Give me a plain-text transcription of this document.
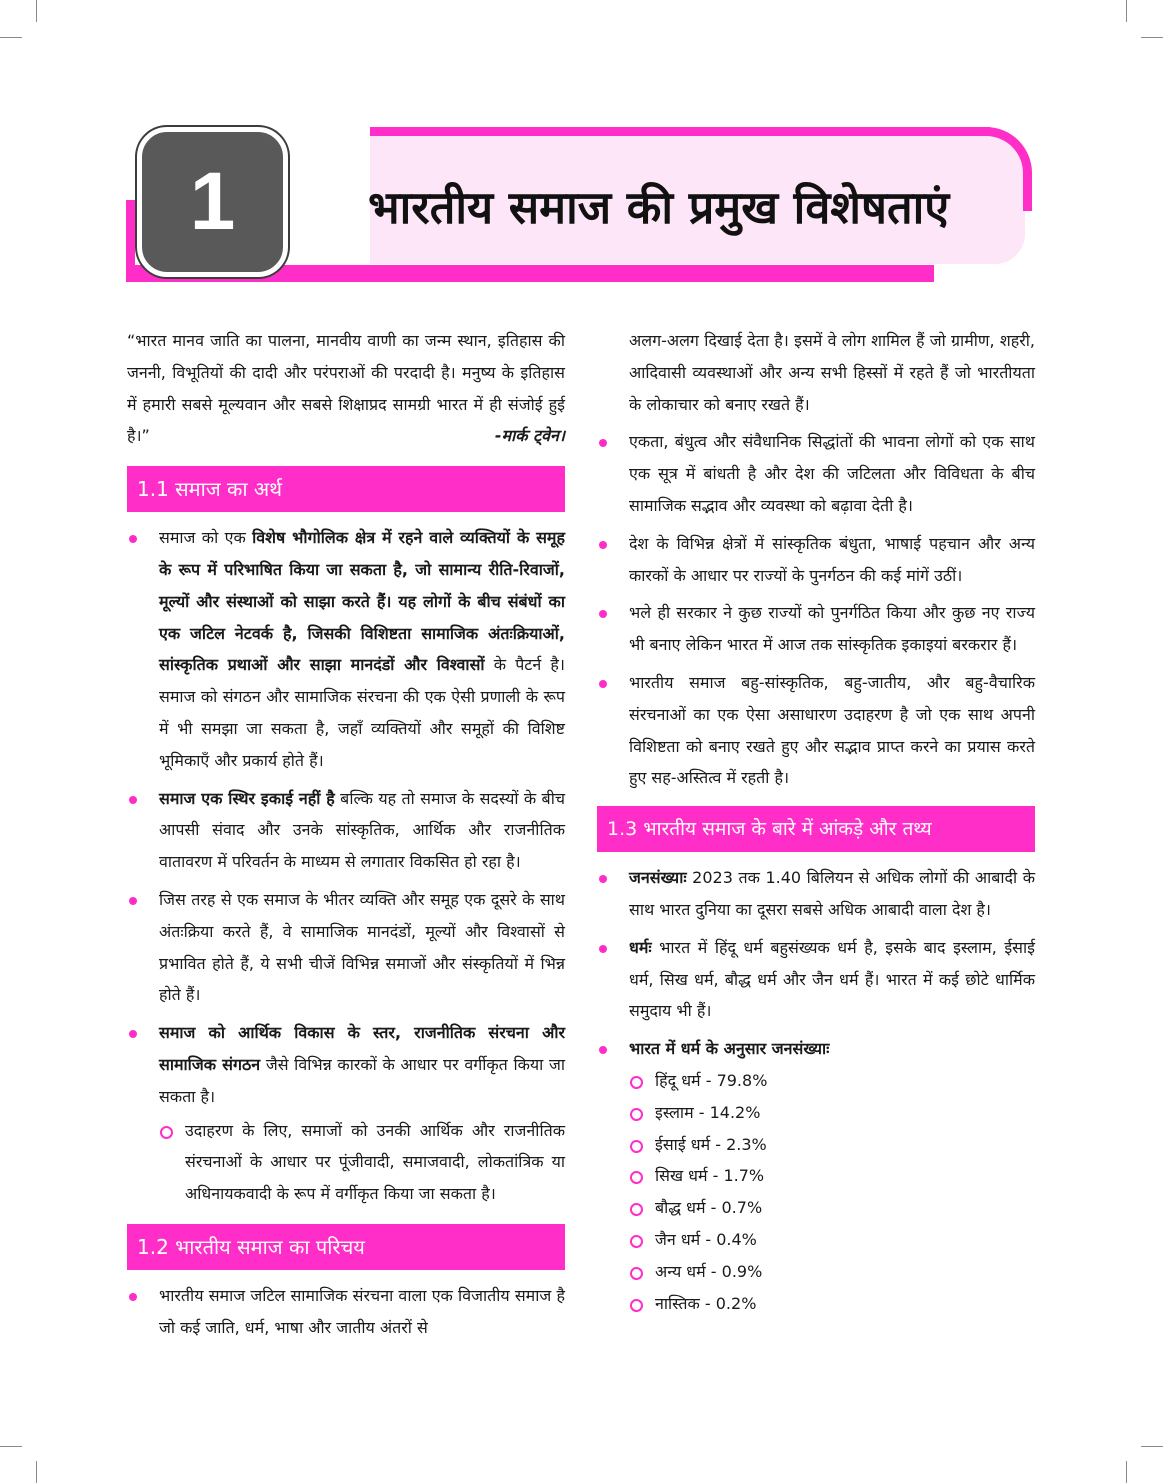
1	भारतीय समाज की प्रमुख विशेषताएं

“भारत मानव जाति का पालना, मानवीय वाणी का जन्म स्थान, इतिहास की जननी, विभूतियों की दादी और परंपराओं की परदादी है। मनुष्य के इतिहास में हमारी सबसे मूल्यवान और सबसे शिक्षाप्रद सामग्री भारत में ही संजोई हुई है।”	-मार्क ट्वेन।

1.1 समाज का अर्थ

समाज को एक विशेष भौगोलिक क्षेत्र में रहने वाले व्यक्तियों के समूह के रूप में परिभाषित किया जा सकता है, जो सामान्य रीति-रिवाजों, मूल्यों और संस्थाओं को साझा करते हैं। यह लोगों के बीच संबंधों का एक जटिल नेटवर्क है, जिसकी विशिष्टता सामाजिक अंतःक्रियाओं, सांस्कृतिक प्रथाओं और साझा मानदंडों और विश्वासों के पैटर्न है। समाज को संगठन और सामाजिक संरचना की एक ऐसी प्रणाली के रूप में भी समझा जा सकता है, जहाँ व्यक्तियों और समूहों की विशिष्ट भूमिकाएँ और प्रकार्य होते हैं।

समाज एक स्थिर इकाई नहीं है बल्कि यह तो समाज के सदस्यों के बीच आपसी संवाद और उनके सांस्कृतिक, आर्थिक और राजनीतिक वातावरण में परिवर्तन के माध्यम से लगातार विकसित हो रहा है।

जिस तरह से एक समाज के भीतर व्यक्ति और समूह एक दूसरे के साथ अंतःक्रिया करते हैं, वे सामाजिक मानदंडों, मूल्यों और विश्वासों से प्रभावित होते हैं, ये सभी चीजें विभिन्न समाजों और संस्कृतियों में भिन्न होते हैं।

समाज को आर्थिक विकास के स्तर, राजनीतिक संरचना और सामाजिक संगठन जैसे विभिन्न कारकों के आधार पर वर्गीकृत किया जा सकता है।

उदाहरण के लिए, समाजों को उनकी आर्थिक और राजनीतिक संरचनाओं के आधार पर पूंजीवादी, समाजवादी, लोकतांत्रिक या अधिनायकवादी के रूप में वर्गीकृत किया जा सकता है।

1.2 भारतीय समाज का परिचय

भारतीय समाज जटिल सामाजिक संरचना वाला एक विजातीय समाज है जो कई जाति, धर्म, भाषा और जातीय अंतरों से

अलग-अलग दिखाई देता है। इसमें वे लोग शामिल हैं जो ग्रामीण, शहरी, आदिवासी व्यवस्थाओं और अन्य सभी हिस्सों में रहते हैं जो भारतीयता के लोकाचार को बनाए रखते हैं।

एकता, बंधुत्व और संवैधानिक सिद्धांतों की भावना लोगों को एक साथ एक सूत्र में बांधती है और देश की जटिलता और विविधता के बीच सामाजिक सद्भाव और व्यवस्था को बढ़ावा देती है।

देश के विभिन्न क्षेत्रों में सांस्कृतिक बंधुता, भाषाई पहचान और अन्य कारकों के आधार पर राज्यों के पुनर्गठन की कई मांगें उठीं।

भले ही सरकार ने कुछ राज्यों को पुनर्गठित किया और कुछ नए राज्य भी बनाए लेकिन भारत में आज तक सांस्कृतिक इकाइयां बरकरार हैं।

भारतीय समाज बहु-सांस्कृतिक, बहु-जातीय, और बहु-वैचारिक संरचनाओं का एक ऐसा असाधारण उदाहरण है जो एक साथ अपनी विशिष्टता को बनाए रखते हुए और सद्भाव प्राप्त करने का प्रयास करते हुए सह-अस्तित्व में रहती है।

1.3 भारतीय समाज के बारे में आंकड़े और तथ्य

जनसंख्याः 2023 तक 1.40 बिलियन से अधिक लोगों की आबादी के साथ भारत दुनिया का दूसरा सबसे अधिक आबादी वाला देश है।

धर्मः भारत में हिंदू धर्म बहुसंख्यक धर्म है, इसके बाद इस्लाम, ईसाई धर्म, सिख धर्म, बौद्ध धर्म और जैन धर्म हैं। भारत में कई छोटे धार्मिक समुदाय भी हैं।

भारत में धर्म के अनुसार जनसंख्याः

हिंदू धर्म - 79.8%
इस्लाम - 14.2%
ईसाई धर्म - 2.3%
सिख धर्म - 1.7%
बौद्ध धर्म - 0.7%
जैन धर्म - 0.4%
अन्य धर्म - 0.9%
नास्तिक - 0.2%
